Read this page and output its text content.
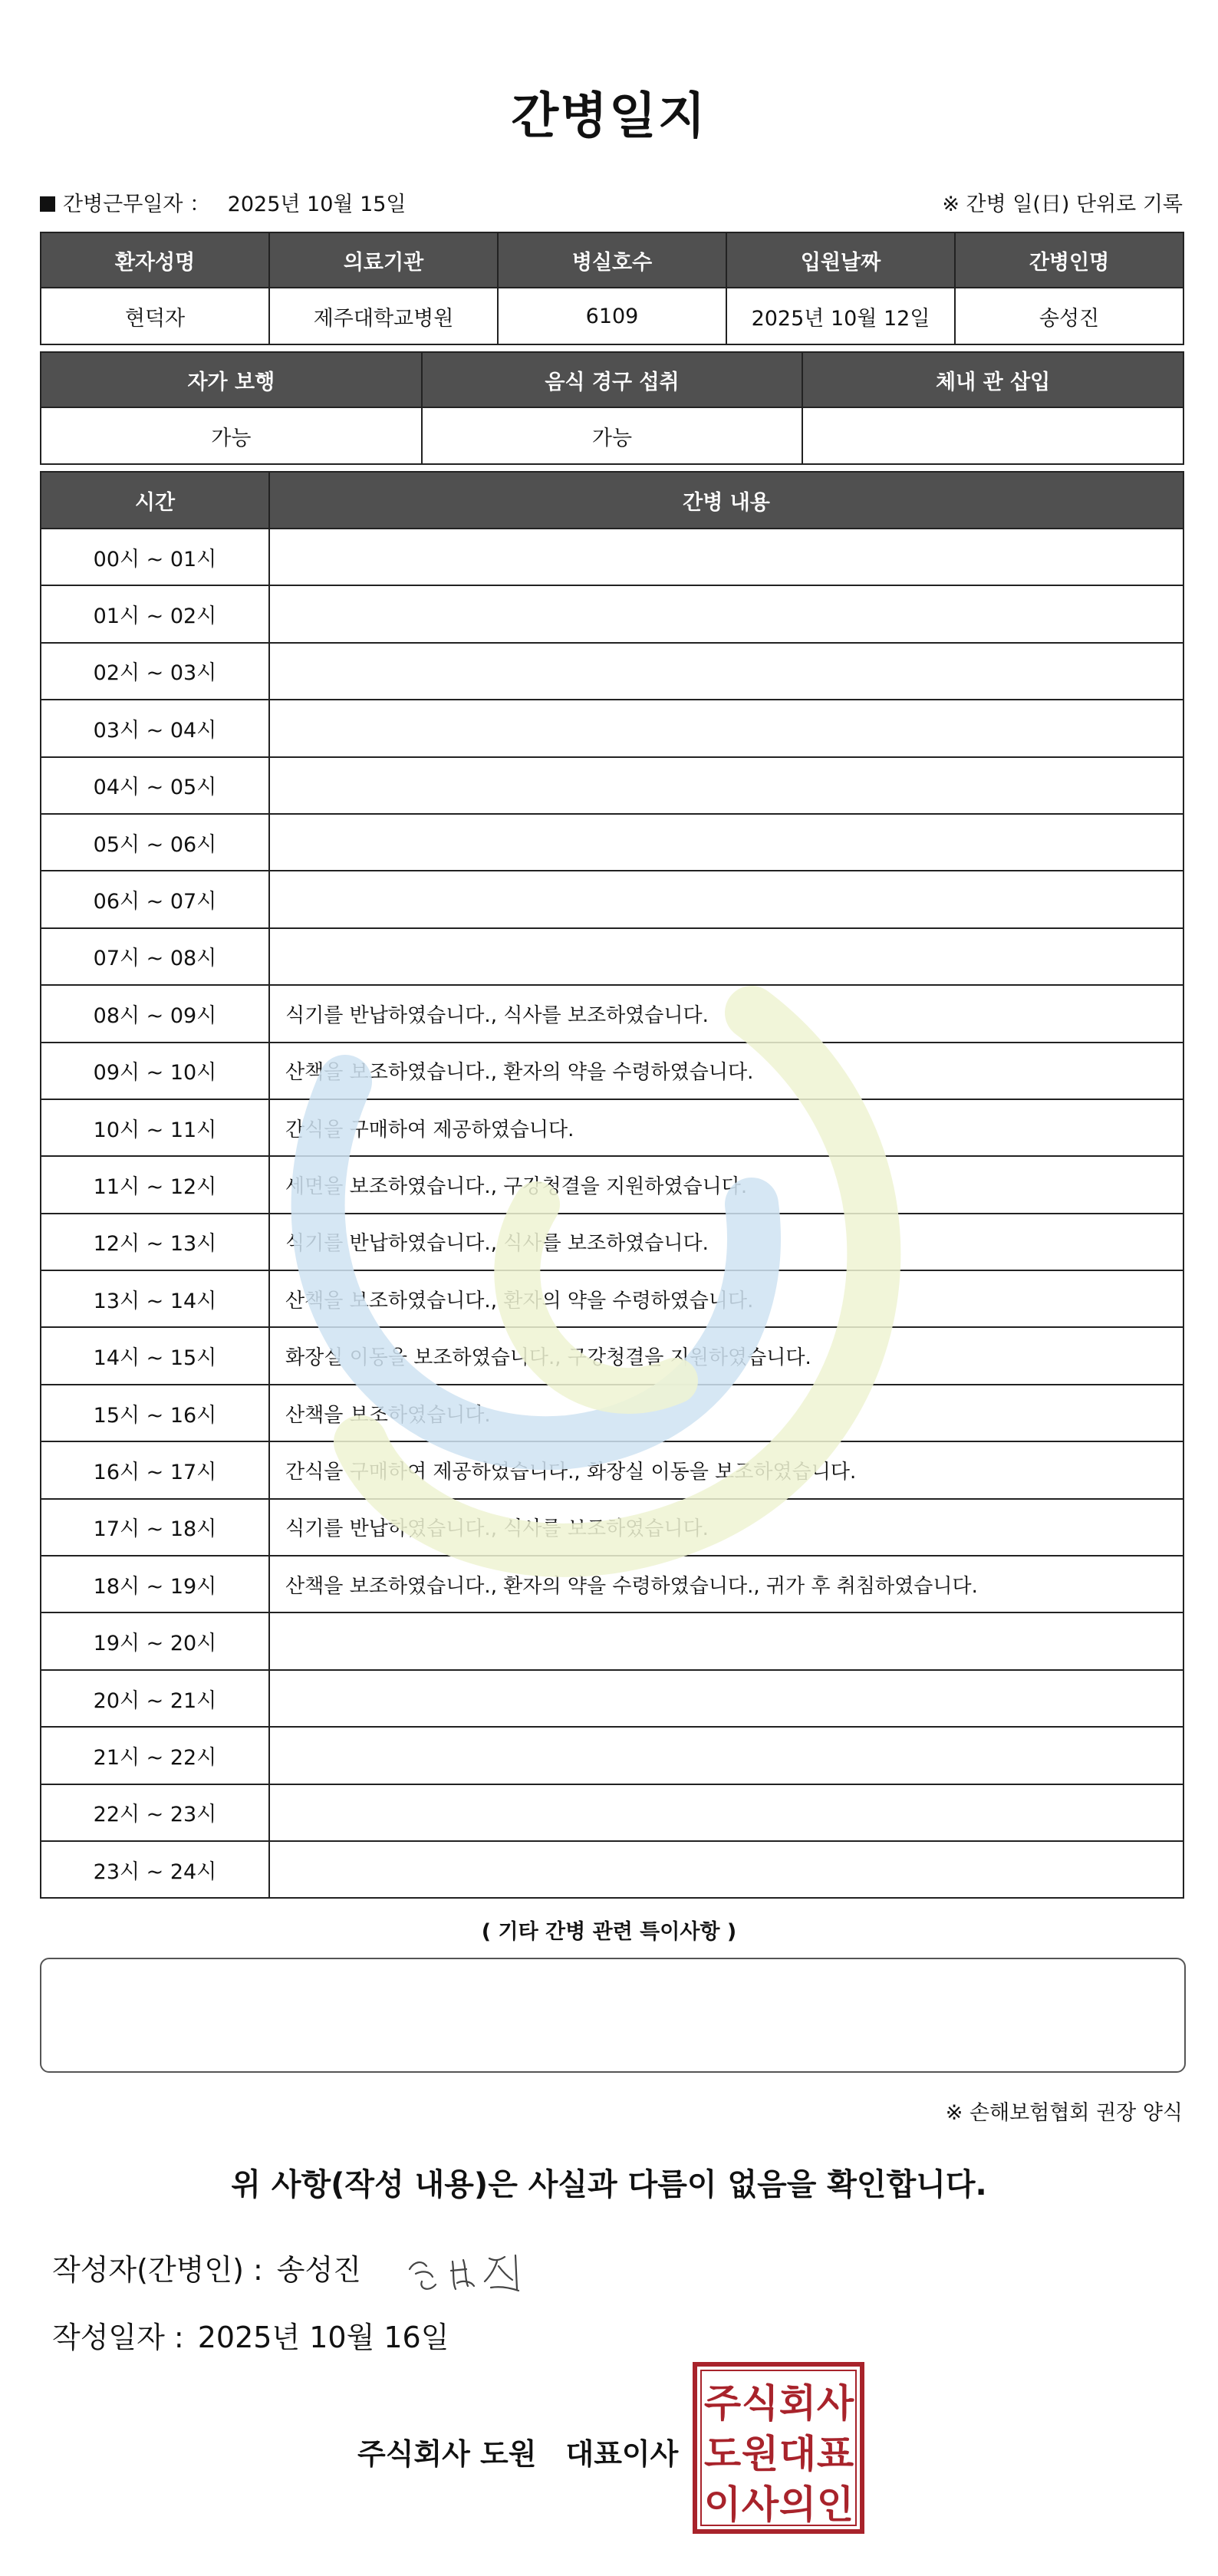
간병일지
간병근무일자 ： 2025년 10월 15일	※ 간병 일(日) 단위로 기록
환자성명	의료기관	병실호수	입원날짜	간병인명
현덕자	제주대학교병원	6109	2025년 10월 12일	송성진
자가 보행	음식 경구 섭취	체내 관 삽입
가능	가능	
시간	간병 내용
00시 ~ 01시	
01시 ~ 02시	
02시 ~ 03시	
03시 ~ 04시	
04시 ~ 05시	
05시 ~ 06시	
06시 ~ 07시	
07시 ~ 08시	
08시 ~ 09시	식기를 반납하였습니다., 식사를 보조하였습니다.
09시 ~ 10시	산책을 보조하였습니다., 환자의 약을 수령하였습니다.
10시 ~ 11시	간식을 구매하여 제공하였습니다.
11시 ~ 12시	세면을 보조하였습니다., 구강청결을 지원하였습니다.
12시 ~ 13시	식기를 반납하였습니다., 식사를 보조하였습니다.
13시 ~ 14시	산책을 보조하였습니다., 환자의 약을 수령하였습니다.
14시 ~ 15시	화장실 이동을 보조하였습니다., 구강청결을 지원하였습니다.
15시 ~ 16시	산책을 보조하였습니다.
16시 ~ 17시	간식을 구매하여 제공하였습니다., 화장실 이동을 보조하였습니다.
17시 ~ 18시	식기를 반납하였습니다., 식사를 보조하였습니다.
18시 ~ 19시	산책을 보조하였습니다., 환자의 약을 수령하였습니다., 귀가 후 취침하였습니다.
19시 ~ 20시	
20시 ~ 21시	
21시 ~ 22시	
22시 ~ 23시	
23시 ~ 24시	
( 기타 간병 관련 특이사항 )
※ 손해보험협회 권장 양식
위 사항(작성 내용)은 사실과 다름이 없음을 확인합니다.
작성자(간병인) : 송성진
작성일자 : 2025년 10월 16일
주식회사 도원 대표이사
주 식 회 사
도 원 대 표
이 사 의 인
